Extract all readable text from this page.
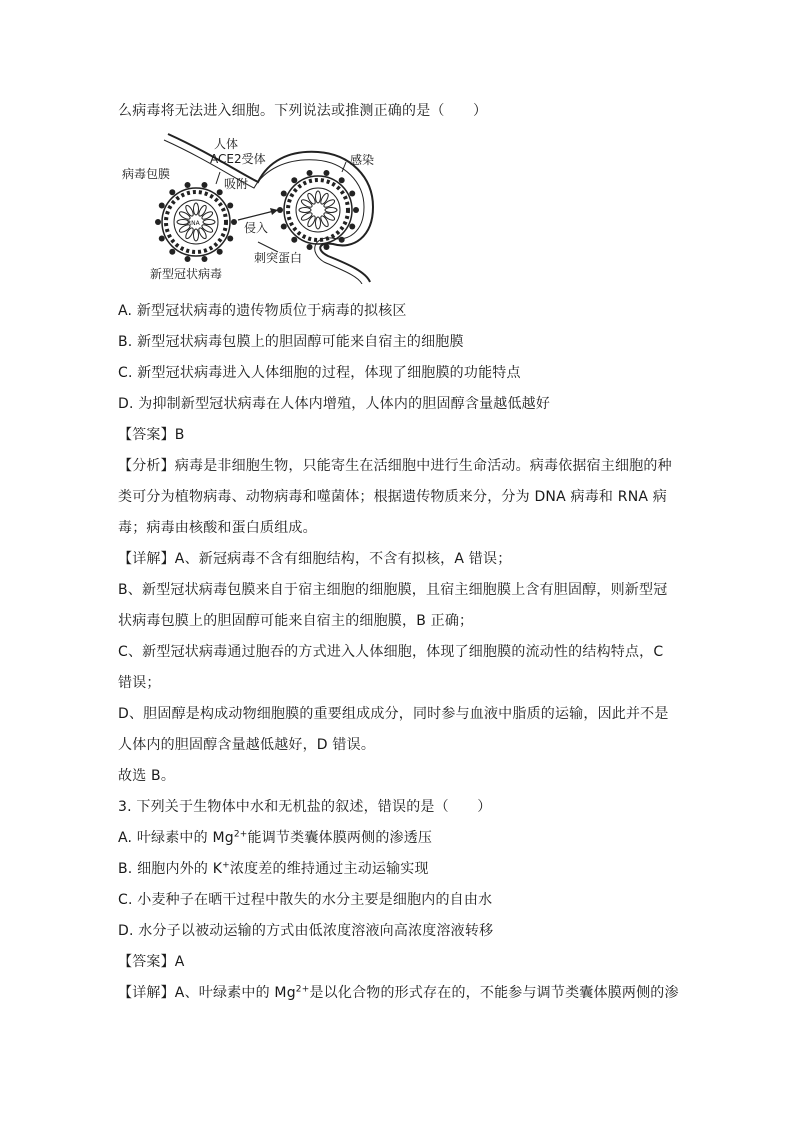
么病毒将无法进入细胞。下列说法或推测正确的是（　　）
RNA
人体
ACE2受体
病毒包膜
吸附
感染
侵入
刺突蛋白
新型冠状病毒
A. 新型冠状病毒的遗传物质位于病毒的拟核区
B. 新型冠状病毒包膜上的胆固醇可能来自宿主的细胞膜
C. 新型冠状病毒进入人体细胞的过程，体现了细胞膜的功能特点
D. 为抑制新型冠状病毒在人体内增殖，人体内的胆固醇含量越低越好
【答案】B
【分析】病毒是非细胞生物，只能寄生在活细胞中进行生命活动。病毒依据宿主细胞的种
类可分为植物病毒、动物病毒和噬菌体；根据遗传物质来分，分为 DNA 病毒和 RNA 病
毒；病毒由核酸和蛋白质组成。
【详解】A、新冠病毒不含有细胞结构，不含有拟核，A 错误；
B、新型冠状病毒包膜来自于宿主细胞的细胞膜，且宿主细胞膜上含有胆固醇，则新型冠
状病毒包膜上的胆固醇可能来自宿主的细胞膜，B 正确；
C、新型冠状病毒通过胞吞的方式进入人体细胞，体现了细胞膜的流动性的结构特点，C
错误；
D、胆固醇是构成动物细胞膜的重要组成成分，同时参与血液中脂质的运输，因此并不是
人体内的胆固醇含量越低越好，D 错误。
故选 B。
3. 下列关于生物体中水和无机盐的叙述，错误的是（　　）
A. 叶绿素中的 $Mg^{2+}$能调节类囊体膜两侧的渗透压
B. 细胞内外的 K+浓度差的维持通过主动运输实现
C. 小麦种子在晒干过程中散失的水分主要是细胞内的自由水
D. 水分子以被动运输的方式由低浓度溶液向高浓度溶液转移
【答案】A
【详解】A、叶绿素中的 $Mg^{2+}$是以化合物的形式存在的，不能参与调节类囊体膜两侧的渗
